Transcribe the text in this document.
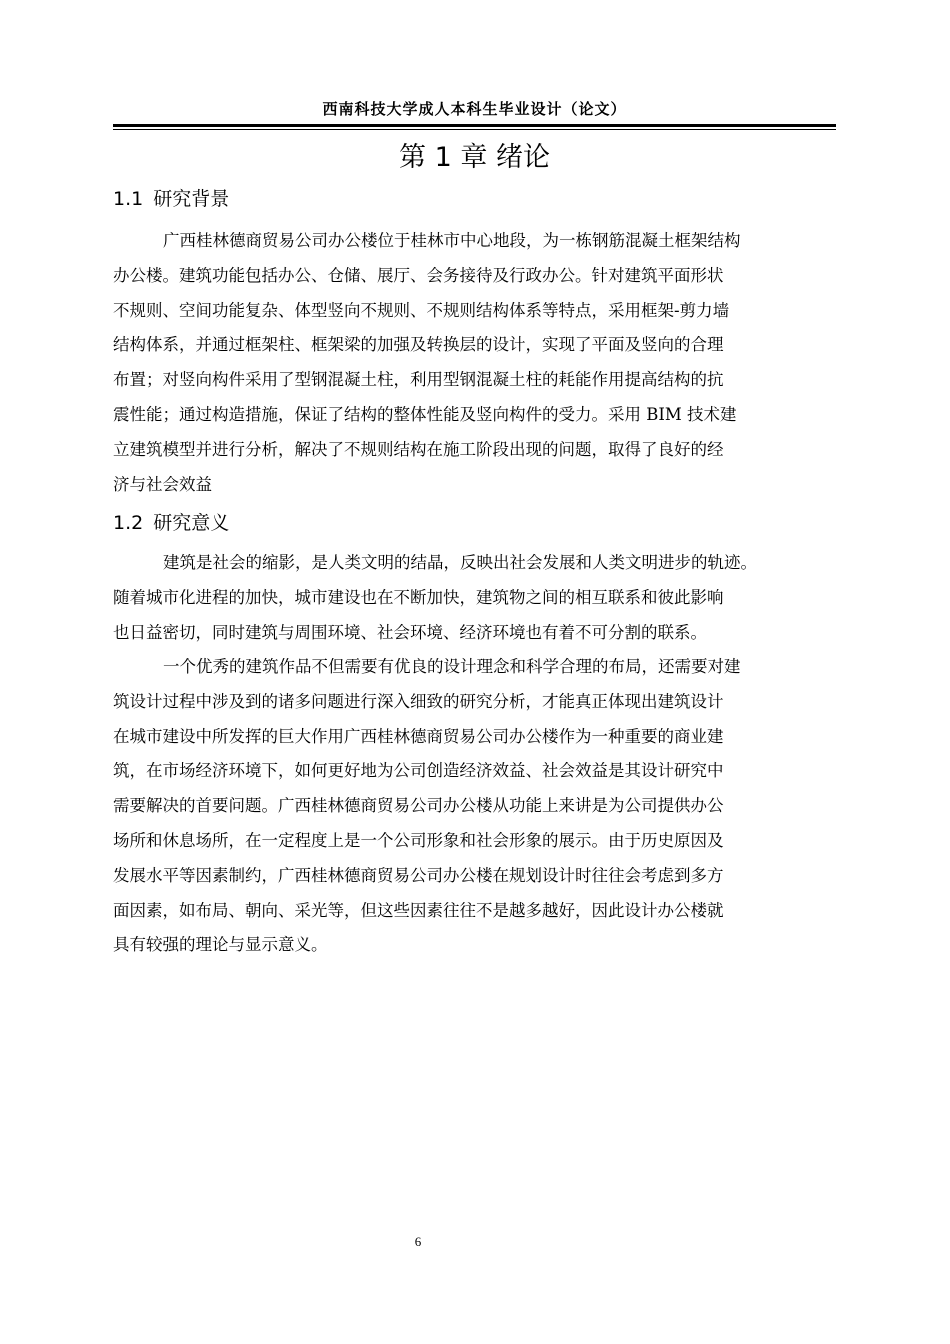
西南科技大学成人本科生毕业设计（论文）
第 1 章 绪论
1.1 研究背景
广西桂林德商贸易公司办公楼位于桂林市中心地段，为一栋钢筋混凝土框架结构
办公楼。建筑功能包括办公、仓储、展厅、会务接待及行政办公。针对建筑平面形状
不规则、空间功能复杂、体型竖向不规则、不规则结构体系等特点，采用框架-剪力墙
结构体系，并通过框架柱、框架梁的加强及转换层的设计，实现了平面及竖向的合理
布置；对竖向构件采用了型钢混凝土柱，利用型钢混凝土柱的耗能作用提高结构的抗
震性能；通过构造措施，保证了结构的整体性能及竖向构件的受力。采用 BIM 技术建
立建筑模型并进行分析，解决了不规则结构在施工阶段出现的问题，取得了良好的经
济与社会效益
1.2 研究意义
建筑是社会的缩影，是人类文明的结晶，反映出社会发展和人类文明进步的轨迹。
随着城市化进程的加快，城市建设也在不断加快，建筑物之间的相互联系和彼此影响
也日益密切，同时建筑与周围环境、社会环境、经济环境也有着不可分割的联系。
一个优秀的建筑作品不但需要有优良的设计理念和科学合理的布局，还需要对建
筑设计过程中涉及到的诸多问题进行深入细致的研究分析，才能真正体现出建筑设计
在城市建设中所发挥的巨大作用广西桂林德商贸易公司办公楼作为一种重要的商业建
筑，在市场经济环境下，如何更好地为公司创造经济效益、社会效益是其设计研究中
需要解决的首要问题。广西桂林德商贸易公司办公楼从功能上来讲是为公司提供办公
场所和休息场所，在一定程度上是一个公司形象和社会形象的展示。由于历史原因及
发展水平等因素制约，广西桂林德商贸易公司办公楼在规划设计时往往会考虑到多方
面因素，如布局、朝向、采光等，但这些因素往往不是越多越好，因此设计办公楼就
具有较强的理论与显示意义。
6
